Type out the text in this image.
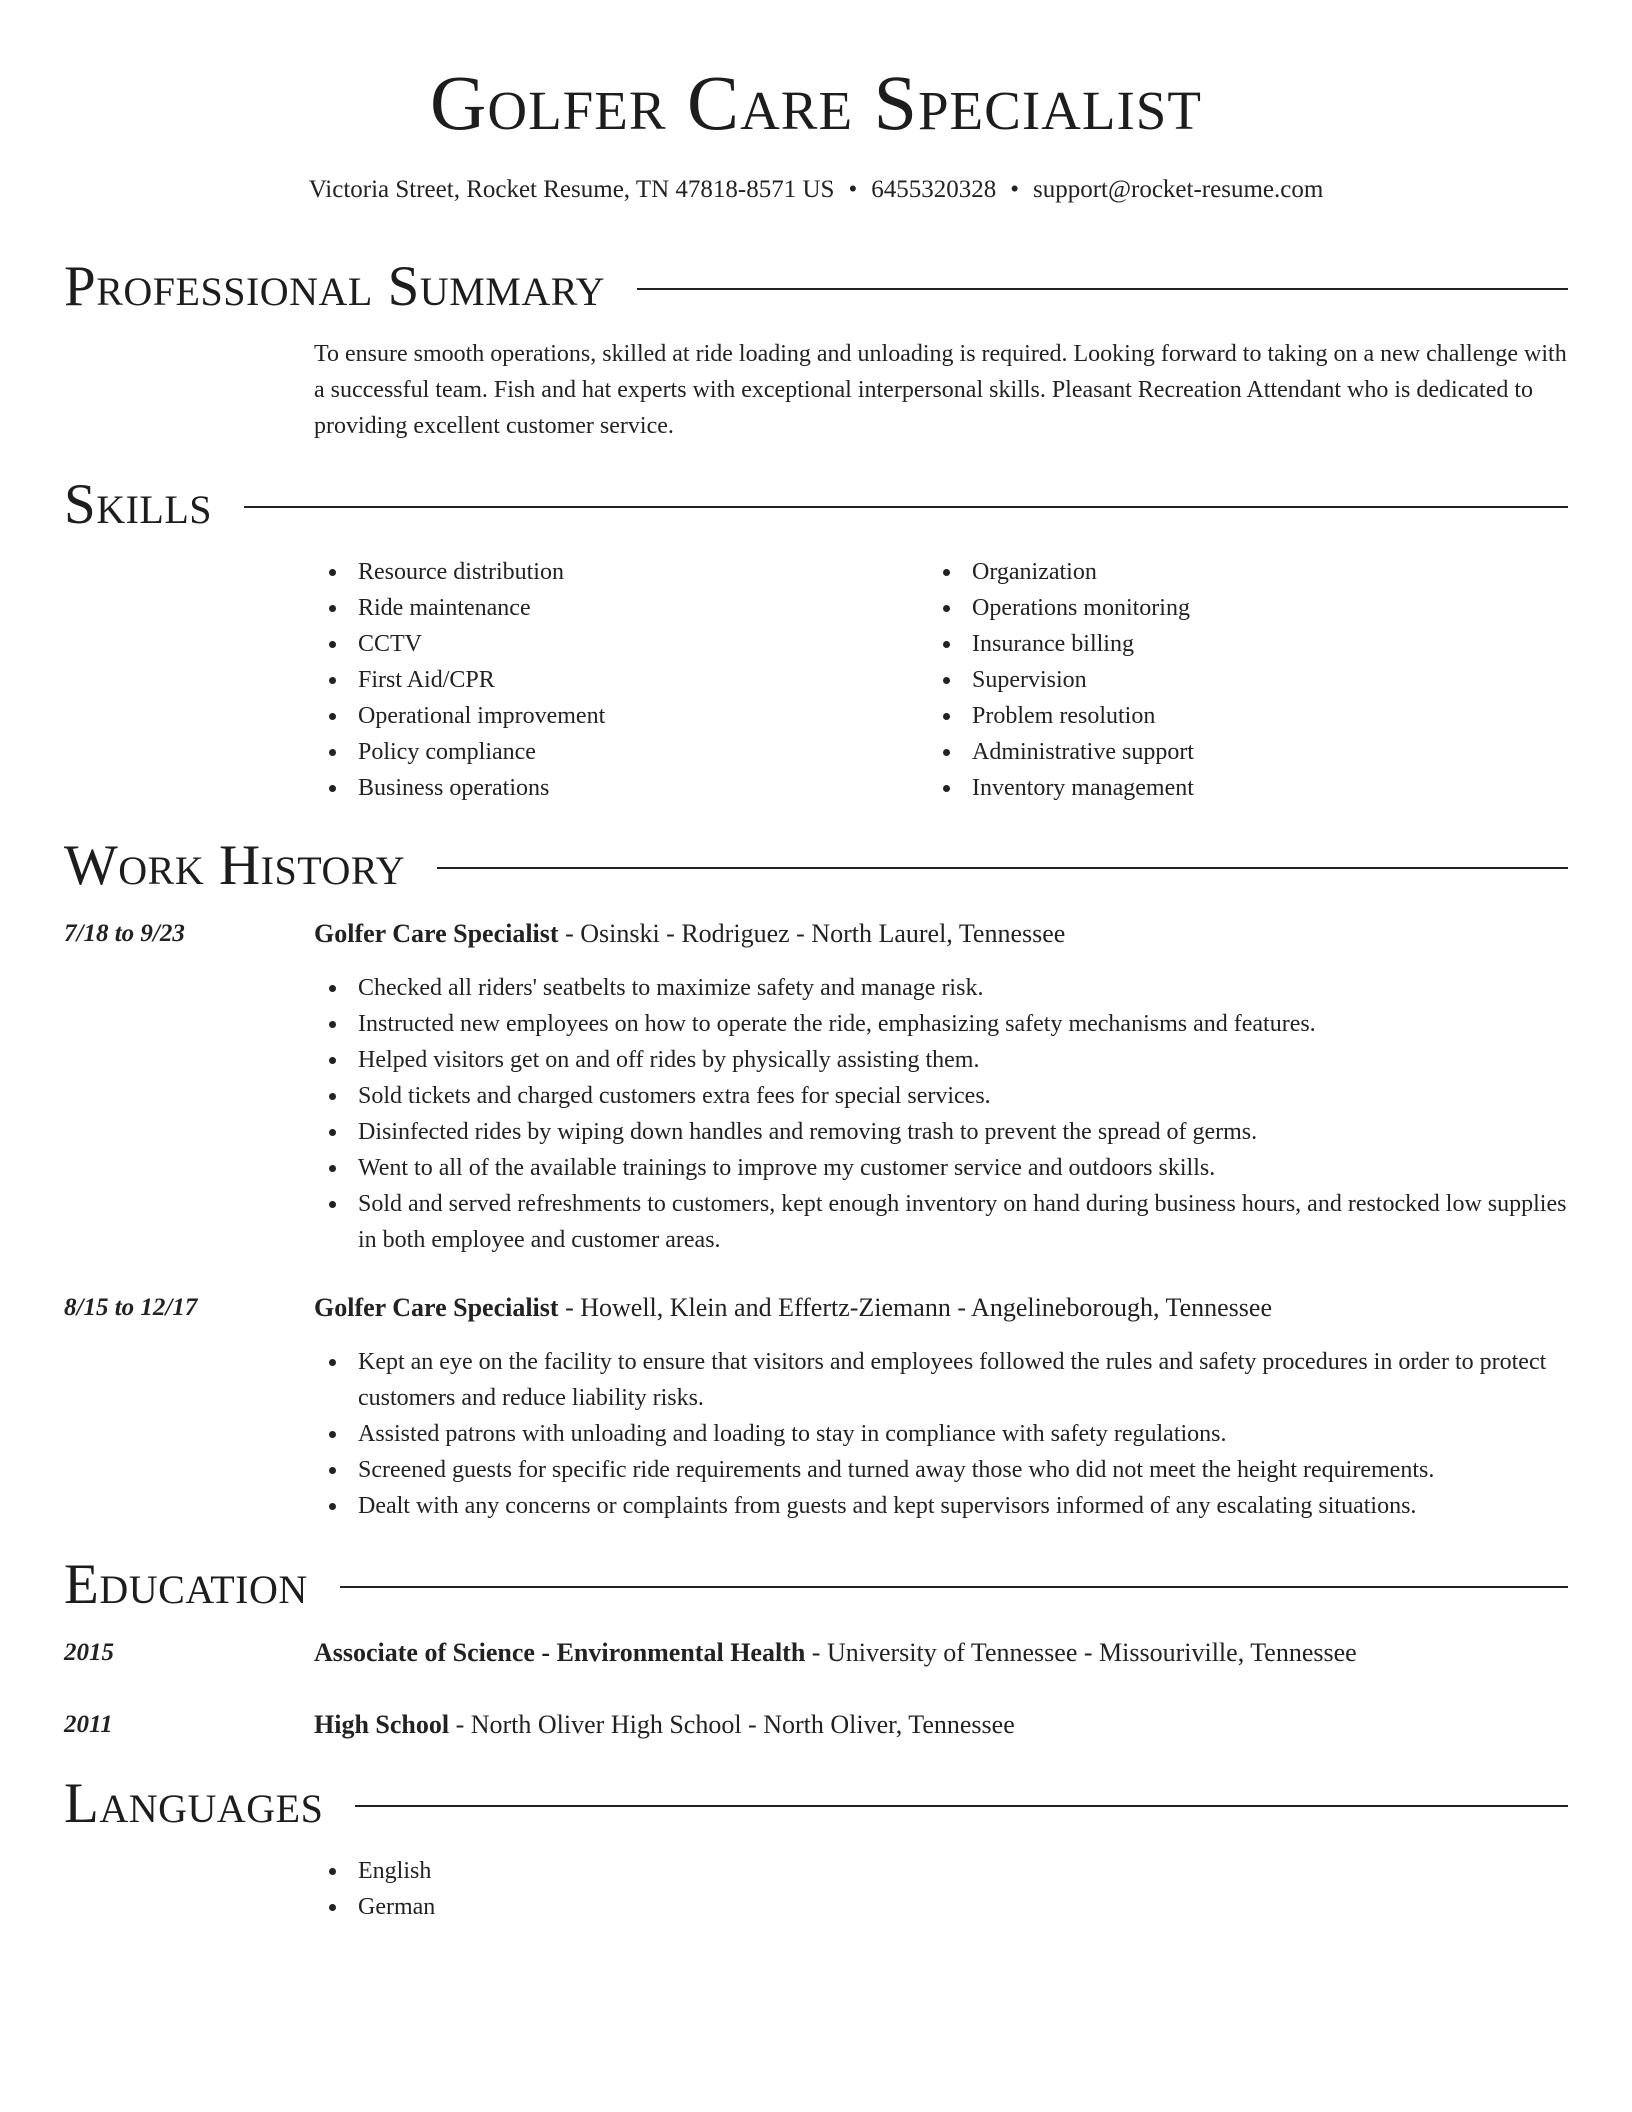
Golfer Care Specialist
Victoria Street, Rocket Resume, TN 47818-8571 US • 6455320328 • support@rocket-resume.com
Professional Summary

To ensure smooth operations, skilled at ride loading and unloading is required. Looking forward to taking on a new challenge with a successful team. Fish and hat experts with exceptional interpersonal skills. Pleasant Recreation Attendant who is dedicated to providing excellent customer service.

Skills
Resource distribution
Ride maintenance
CCTV
First Aid/CPR
Operational improvement
Policy compliance
Business operations
Organization
Operations monitoring
Insurance billing
Supervision
Problem resolution
Administrative support
Inventory management
Work History
7/18 to 9/23	Golfer Care Specialist - Osinski - Rodriguez - North Laurel, Tennessee
Checked all riders' seatbelts to maximize safety and manage risk.
Instructed new employees on how to operate the ride, emphasizing safety mechanisms and features.
Helped visitors get on and off rides by physically assisting them.
Sold tickets and charged customers extra fees for special services.
Disinfected rides by wiping down handles and removing trash to prevent the spread of germs.
Went to all of the available trainings to improve my customer service and outdoors skills.
Sold and served refreshments to customers, kept enough inventory on hand during business hours, and restocked low supplies in both employee and customer areas.
8/15 to 12/17	Golfer Care Specialist - Howell, Klein and Effertz-Ziemann - Angelineborough, Tennessee
Kept an eye on the facility to ensure that visitors and employees followed the rules and safety procedures in order to protect customers and reduce liability risks.
Assisted patrons with unloading and loading to stay in compliance with safety regulations.
Screened guests for specific ride requirements and turned away those who did not meet the height requirements.
Dealt with any concerns or complaints from guests and kept supervisors informed of any escalating situations.
Education
2015	Associate of Science - Environmental Health - University of Tennessee - Missouriville, Tennessee
2011	High School - North Oliver High School - North Oliver, Tennessee
Languages
English
German
